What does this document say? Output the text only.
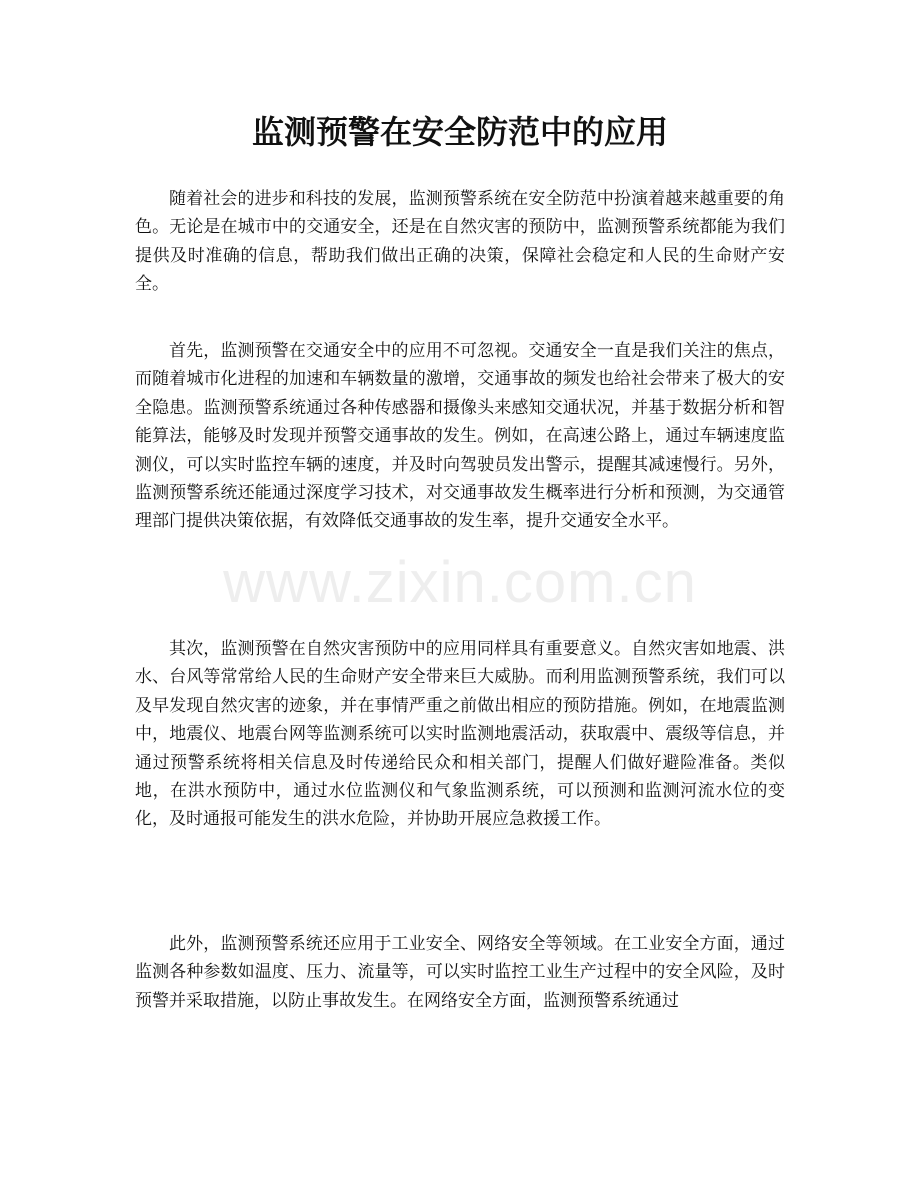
监测预警在安全防范中的应用

随着社会的进步和科技的发展，监测预警系统在安全防范中扮演着越来越重要的角色。无论是在城市中的交通安全，还是在自然灾害的预防中，监测预警系统都能为我们提供及时准确的信息，帮助我们做出正确的决策，保障社会稳定和人民的生命财产安全。

首先，监测预警在交通安全中的应用不可忽视。交通安全一直是我们关注的焦点，而随着城市化进程的加速和车辆数量的激增，交通事故的频发也给社会带来了极大的安全隐患。监测预警系统通过各种传感器和摄像头来感知交通状况，并基于数据分析和智能算法，能够及时发现并预警交通事故的发生。例如，在高速公路上，通过车辆速度监测仪，可以实时监控车辆的速度，并及时向驾驶员发出警示，提醒其减速慢行。另外，监测预警系统还能通过深度学习技术，对交通事故发生概率进行分析和预测，为交通管理部门提供决策依据，有效降低交通事故的发生率，提升交通安全水平。

其次，监测预警在自然灾害预防中的应用同样具有重要意义。自然灾害如地震、洪水、台风等常常给人民的生命财产安全带来巨大威胁。而利用监测预警系统，我们可以及早发现自然灾害的迹象，并在事情严重之前做出相应的预防措施。例如，在地震监测中，地震仪、地震台网等监测系统可以实时监测地震活动，获取震中、震级等信息，并通过预警系统将相关信息及时传递给民众和相关部门，提醒人们做好避险准备。类似地，在洪水预防中，通过水位监测仪和气象监测系统，可以预测和监测河流水位的变化，及时通报可能发生的洪水危险，并协助开展应急救援工作。

此外，监测预警系统还应用于工业安全、网络安全等领域。在工业安全方面，通过监测各种参数如温度、压力、流量等，可以实时监控工业生产过程中的安全风险，及时预警并采取措施，以防止事故发生。在网络安全方面，监测预警系统通过

www.zixin.com.cn
